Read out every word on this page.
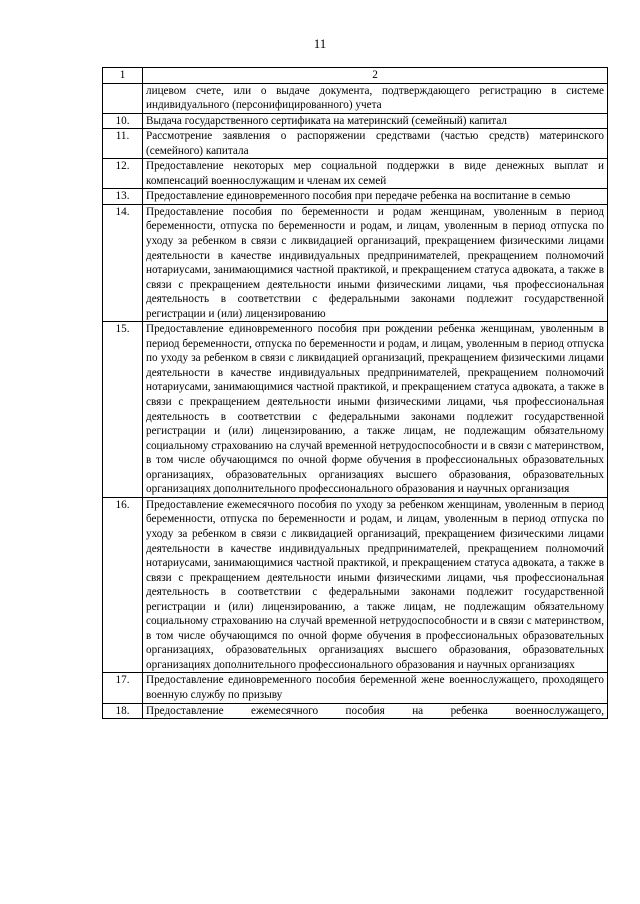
11
1	2
	лицевом счете, или о выдаче документа, подтверждающего регистрацию в системе индивидуального (персонифицированного) учета
10.	Выдача государственного сертификата на материнский (семейный) капитал
11.	Рассмотрение заявления о распоряжении средствами (частью средств) материнского (семейного) капитала
12.	Предоставление некоторых мер социальной поддержки в виде денежных выплат и компенсаций военнослужащим и членам их семей
13.	Предоставление единовременного пособия при передаче ребенка на воспитание в семью
14.	Предоставление пособия по беременности и родам женщинам, уволенным в период беременности, отпуска по беременности и родам, и лицам, уволенным в период отпуска по уходу за ребенком в связи с ликвидацией организаций, прекращением физическими лицами деятельности в качестве индивидуальных предпринимателей, прекращением полномочий нотариусами, занимающимися частной практикой, и прекращением статуса адвоката, а также в связи с прекращением деятельности иными физическими лицами, чья профессиональная деятельность в соответствии с федеральными законами подлежит государственной регистрации и (или) лицензированию
15.	Предоставление единовременного пособия при рождении ребенка женщинам, уволенным в период беременности, отпуска по беременности и родам, и лицам, уволенным в период отпуска по уходу за ребенком в связи с ликвидацией организаций, прекращением физическими лицами деятельности в качестве индивидуальных предпринимателей, прекращением полномочий нотариусами, занимающимися частной практикой, и прекращением статуса адвоката, а также в связи с прекращением деятельности иными физическими лицами, чья профессиональная деятельность в соответствии с федеральными законами подлежит государственной регистрации и (или) лицензированию, а также лицам, не подлежащим обязательному социальному страхованию на случай временной нетрудоспособности и в связи с материнством, в том числе обучающимся по очной форме обучения в профессиональных образовательных организациях, образовательных организациях высшего образования, образовательных организациях дополнительного профессионального образования и научных организация
16.	Предоставление ежемесячного пособия по уходу за ребенком женщинам, уволенным в период беременности, отпуска по беременности и родам, и лицам, уволенным в период отпуска по уходу за ребенком в связи с ликвидацией организаций, прекращением физическими лицами деятельности в качестве индивидуальных предпринимателей, прекращением полномочий нотариусами, занимающимися частной практикой, и прекращением статуса адвоката, а также в связи с прекращением деятельности иными физическими лицами, чья профессиональная деятельность в соответствии с федеральными законами подлежит государственной регистрации и (или) лицензированию, а также лицам, не подлежащим обязательному социальному страхованию на случай временной нетрудоспособности и в связи с материнством, в том числе обучающимся по очной форме обучения в профессиональных образовательных организациях, образовательных организациях высшего образования, образовательных организациях дополнительного профессионального образования и научных организациях
17.	Предоставление единовременного пособия беременной жене военнослужащего, проходящего военную службу по призыву
18.	Предоставление ежемесячного пособия на ребенка военнослужащего,
